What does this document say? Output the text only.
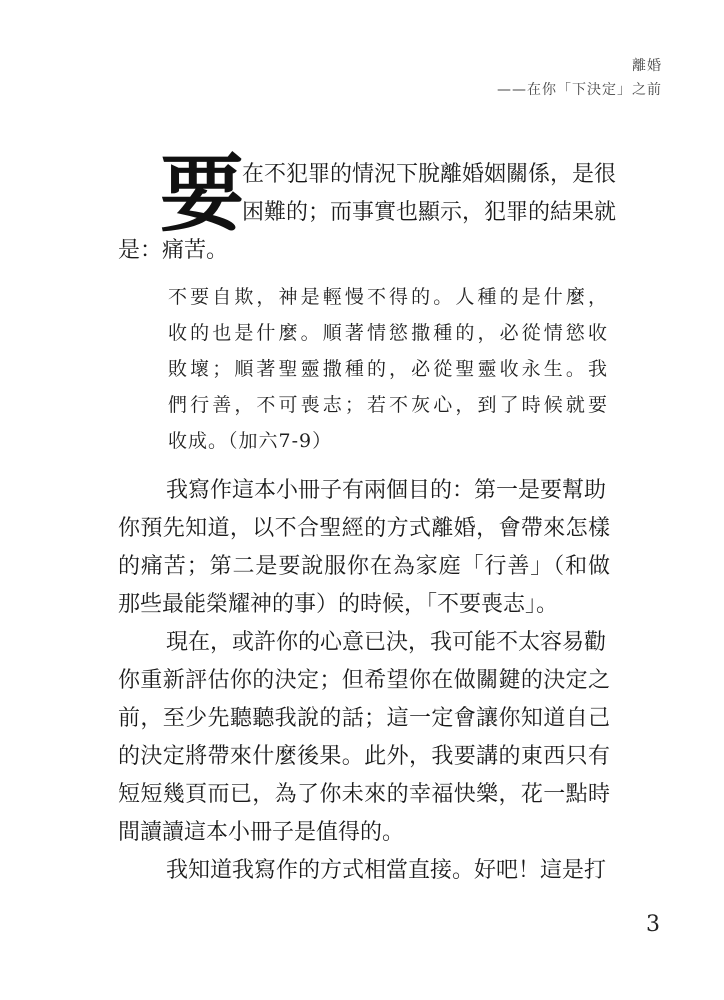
離婚
——在你「下決定」之前
要
在不犯罪的情況下脫離婚姻關係，是很
困難的；而事實也顯示，犯罪的結果就
是：痛苦。
不要自欺，神是輕慢不得的。人種的是什麼，
收的也是什麼。順著情慾撒種的，必從情慾收
敗壞；順著聖靈撒種的，必從聖靈收永生。我
們行善，不可喪志；若不灰心，到了時候就要
收成。（加六7-9）
我寫作這本小冊子有兩個目的：第一是要幫助
你預先知道，以不合聖經的方式離婚，會帶來怎樣
的痛苦；第二是要說服你在為家庭「行善」（和做
那些最能榮耀神的事）的時候，「不要喪志」。
現在，或許你的心意已決，我可能不太容易勸
你重新評估你的決定；但希望你在做關鍵的決定之
前，至少先聽聽我說的話；這一定會讓你知道自己
的決定將帶來什麼後果。此外，我要講的東西只有
短短幾頁而已，為了你未來的幸福快樂，花一點時
間讀讀這本小冊子是值得的。
我知道我寫作的方式相當直接。好吧！這是打
3
